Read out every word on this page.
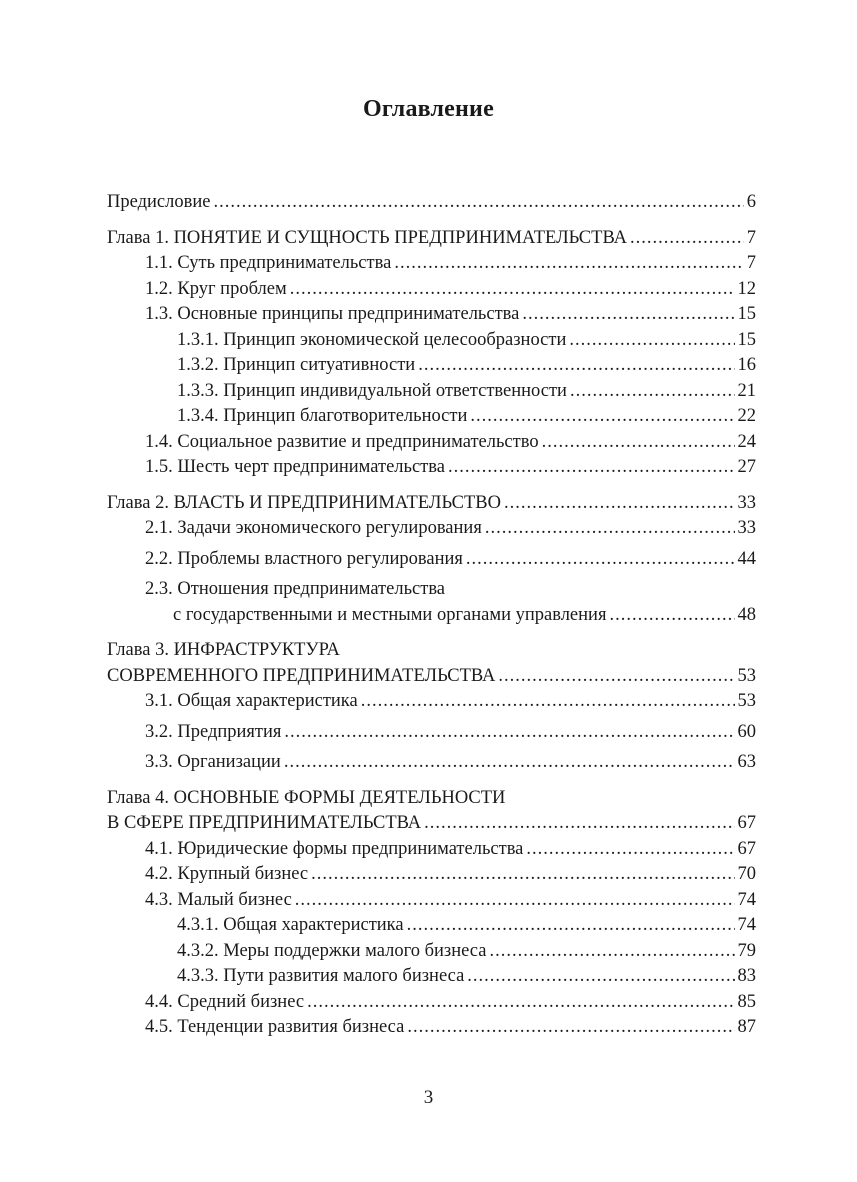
Оглавление
Предисловие .....	6
Глава 1. ПОНЯТИЕ И СУЩНОСТЬ ПРЕДПРИНИМАТЕЛЬСТВА .....	7
1.1. Суть предпринимательства .....	7
1.2. Круг проблем .....	12
1.3. Основные принципы предпринимательства .....	15
1.3.1. Принцип экономической целесообразности .....	15
1.3.2. Принцип ситуативности .....	16
1.3.3. Принцип индивидуальной ответственности .....	21
1.3.4. Принцип благотворительности .....	22
1.4. Социальное развитие и предпринимательство .....	24
1.5. Шесть черт предпринимательства .....	27
Глава 2. ВЛАСТЬ И ПРЕДПРИНИМАТЕЛЬСТВО .....	33
2.1. Задачи экономического регулирования .....	33
2.2. Проблемы властного регулирования .....	44
2.3. Отношения предпринимательства
с государственными и местными органами управления .....	48
Глава 3. ИНФРАСТРУКТУРА
СОВРЕМЕННОГО ПРЕДПРИНИМАТЕЛЬСТВА .....	53
3.1. Общая характеристика .....	53
3.2. Предприятия .....	60
3.3. Организации .....	63
Глава 4. ОСНОВНЫЕ ФОРМЫ ДЕЯТЕЛЬНОСТИ
В СФЕРЕ ПРЕДПРИНИМАТЕЛЬСТВА .....	67
4.1. Юридические формы предпринимательства .....	67
4.2. Крупный бизнес .....	70
4.3. Малый бизнес .....	74
4.3.1. Общая характеристика .....	74
4.3.2. Меры поддержки малого бизнеса .....	79
4.3.3. Пути развития малого бизнеса .....	83
4.4. Средний бизнес .....	85
4.5. Тенденции развития бизнеса .....	87
3
